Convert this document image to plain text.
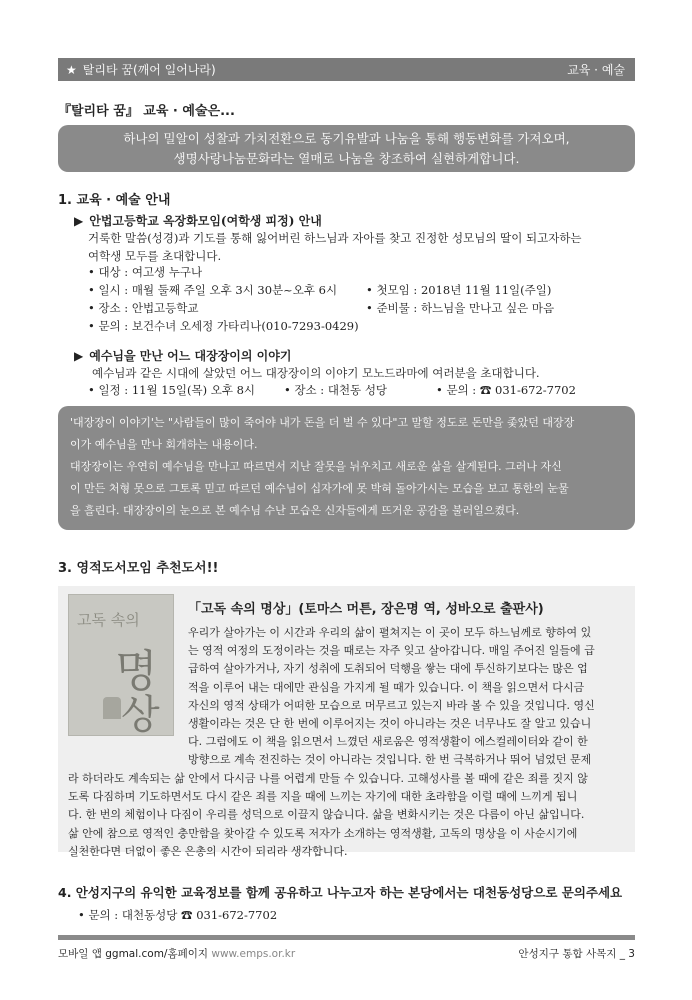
★ 탈리타 꿈(깨어 일어나라)	교육 · 예술
『탈리타 꿈』 교육 · 예술은...
하나의 밀알이 성찰과 가치전환으로 동기유발과 나눔을 통해 행동변화를 가져오며,
생명사랑나눔문화라는 열매로 나눔을 창조하여 실현하게합니다.
1. 교육 · 예술 안내
▶ 안법고등학교 옥장화모임(여학생 피정) 안내
거룩한 말씀(성경)과 기도를 통해 잃어버린 하느님과 자아를 찾고 진정한 성모님의 딸이 되고자하는
여학생 모두를 초대합니다.
• 대상 : 여고생 누구나
• 일시 : 매월 둘째 주일 오후 3시 30분~오후 6시	• 첫모임 : 2018년 11월 11일(주일)
• 장소 : 안법고등학교	• 준비물 : 하느님을 만나고 싶은 마음
• 문의 : 보건수녀 오세정 가타리나(010-7293-0429)
▶ 예수님을 만난 어느 대장장이의 이야기
예수님과 같은 시대에 살았던 어느 대장장이의 이야기 모노드라마에 여러분을 초대합니다.
• 일정 : 11월 15일(목) 오후 8시	• 장소 : 대천동 성당	• 문의 : ☎ 031-672-7702
'대장장이 이야기'는 "사람들이 많이 죽어야 내가 돈을 더 벌 수 있다"고 말할 정도로 돈만을 좇았던 대장장
이가 예수님을 만나 회개하는 내용이다.
대장장이는 우연히 예수님을 만나고 따르면서 지난 잘못을 뉘우치고 새로운 삶을 살게된다. 그러나 자신
이 만든 처형 못으로 그토록 믿고 따르던 예수님이 십자가에 못 박혀 돌아가시는 모습을 보고 통한의 눈물
을 흘린다. 대장장이의 눈으로 본 예수님 수난 모습은 신자들에게 뜨거운 공감을 불러일으켰다.
3. 영적도서모임 추천도서!!
고독 속의
명
상
「고독 속의 명상」(토마스 머튼, 장은명 역, 성바오로 출판사)
우리가 살아가는 이 시간과 우리의 삶이 펼쳐지는 이 곳이 모두 하느님께로 향하여 있
는 영적 여정의 도정이라는 것을 때로는 자주 잊고 살아갑니다. 매일 주어진 일들에 급
급하여 살아가거나, 자기 성취에 도취되어 덕행을 쌓는 대에 투신하기보다는 많은 업
적을 이루어 내는 대에만 관심을 가지게 될 때가 있습니다. 이 책을 읽으면서 다시금
자신의 영적 상태가 어떠한 모습으로 머무르고 있는지 바라 볼 수 있을 것입니다. 영신
생활이라는 것은 단 한 번에 이루어지는 것이 아니라는 것은 너무나도 잘 알고 있습니
다. 그럼에도 이 책을 읽으면서 느꼈던 새로움은 영적생활이 에스컬레이터와 같이 한
방향으로 계속 전진하는 것이 아니라는 것입니다. 한 번 극복하거나 뛰어 넘었던 문제
라 하더라도 계속되는 삶 안에서 다시금 나를 어렵게 만들 수 있습니다. 고해성사를 볼 때에 같은 죄를 짓지 않
도록 다짐하며 기도하면서도 다시 같은 죄를 지을 때에 느끼는 자기에 대한 초라함을 이럴 때에 느끼게 됩니
다. 한 번의 체험이나 다짐이 우리를 성덕으로 이끌지 않습니다. 삶을 변화시키는 것은 다름이 아닌 삶입니다.
삶 안에 참으로 영적인 충만함을 찾아갈 수 있도록 저자가 소개하는 영적생활, 고독의 명상을 이 사순시기에
실천한다면 더없이 좋은 은총의 시간이 되리라 생각합니다.
4. 안성지구의 유익한 교육정보를 함께 공유하고 나누고자 하는 본당에서는 대천동성당으로 문의주세요
• 문의 : 대천동성당 ☎ 031-672-7702
모바일 앱 ggmal.com/홈페이지 www.emps.or.kr	안성지구 통합 사목지 _ 3
